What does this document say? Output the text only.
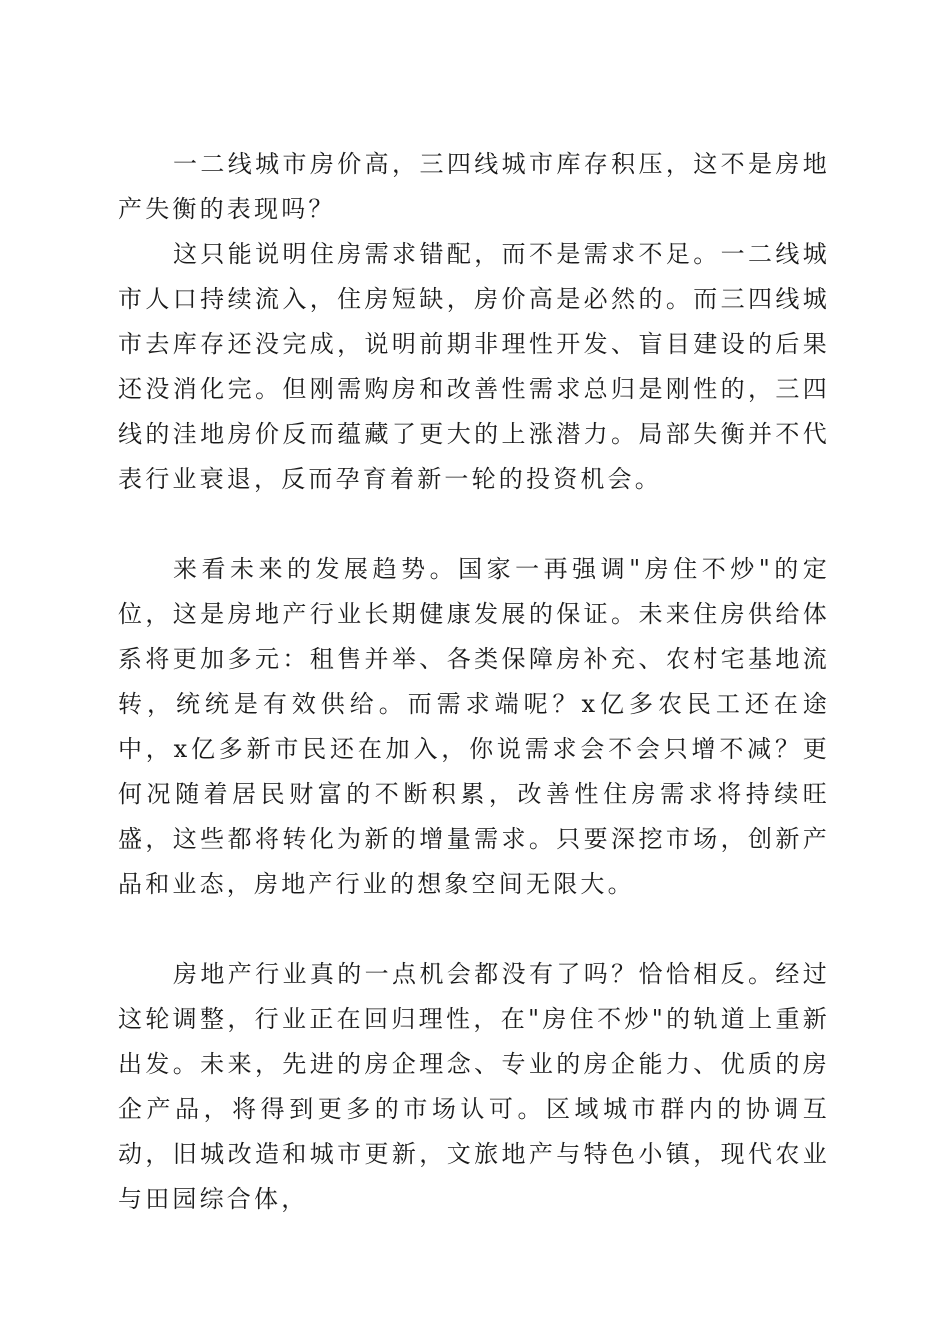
一二线城市房价高，三四线城市库存积压，这不是房地产失衡的表现吗？

这只能说明住房需求错配，而不是需求不足。一二线城市人口持续流入，住房短缺，房价高是必然的。而三四线城市去库存还没完成，说明前期非理性开发、盲目建设的后果还没消化完。但刚需购房和改善性需求总归是刚性的，三四线的洼地房价反而蕴藏了更大的上涨潜力。局部失衡并不代表行业衰退，反而孕育着新一轮的投资机会。

来看未来的发展趋势。国家一再强调"房住不炒"的定位，这是房地产行业长期健康发展的保证。未来住房供给体系将更加多元：租售并举、各类保障房补充、农村宅基地流转，统统是有效供给。而需求端呢？x亿多农民工还在途中，x亿多新市民还在加入，你说需求会不会只增不减？更何况随着居民财富的不断积累，改善性住房需求将持续旺盛，这些都将转化为新的增量需求。只要深挖市场，创新产品和业态，房地产行业的想象空间无限大。

房地产行业真的一点机会都没有了吗？恰恰相反。经过这轮调整，行业正在回归理性，在"房住不炒"的轨道上重新出发。未来，先进的房企理念、专业的房企能力、优质的房企产品，将得到更多的市场认可。区域城市群内的协调互动，旧城改造和城市更新，文旅地产与特色小镇，现代农业与田园综合体，
